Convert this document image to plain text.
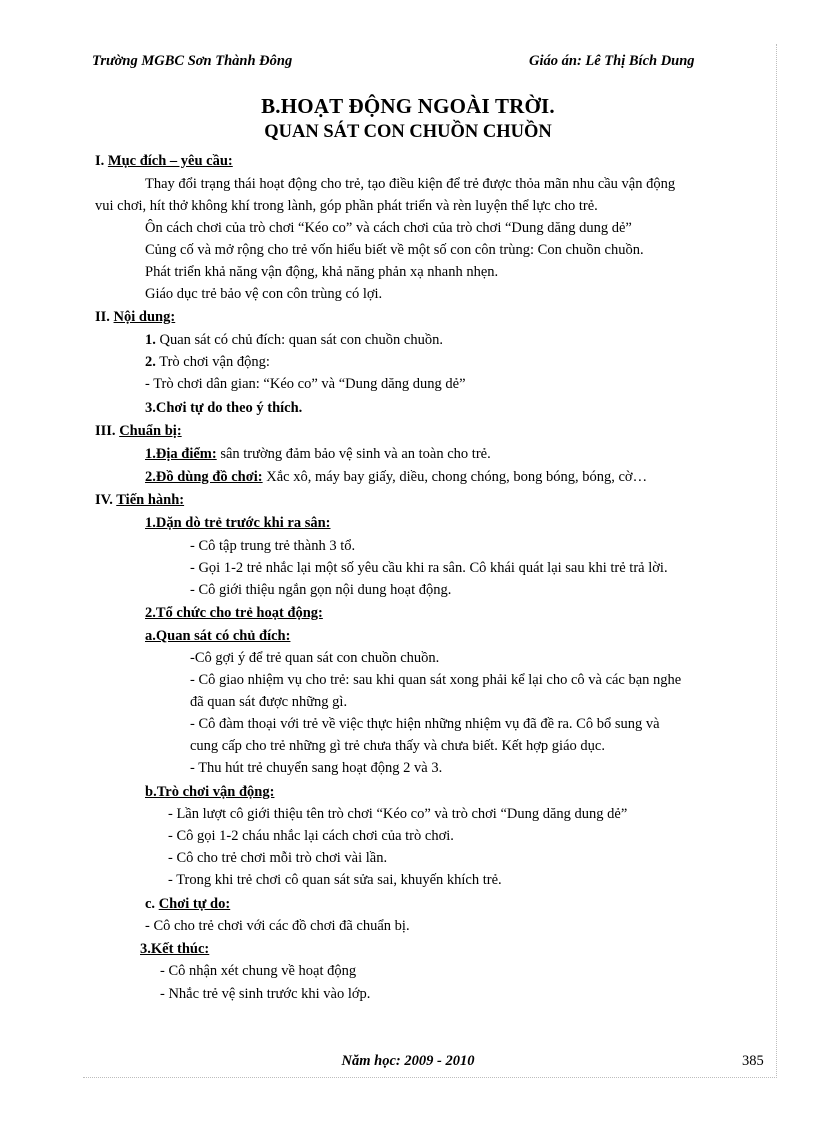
Trường MGBC Sơn Thành Đông	Giáo án: Lê Thị Bích Dung
B.HOẠT ĐỘNG NGOÀI TRỜI.
QUAN SÁT CON CHUỒN CHUỒN
I. Mục đích – yêu cầu:
Thay đổi trạng thái hoạt động cho trẻ, tạo điều kiện để trẻ được thỏa mãn nhu cầu vận động
vui chơi, hít thở không khí trong lành, góp phần phát triển và rèn luyện thể lực cho trẻ.
Ôn cách chơi của trò chơi “Kéo co” và cách chơi của trò chơi “Dung dăng dung dẻ”
Củng cố và mở rộng cho trẻ vốn hiểu biết về một số con côn trùng: Con chuồn chuồn.
Phát triển khả năng vận động, khả năng phản xạ nhanh nhẹn.
Giáo dục trẻ bảo vệ con côn trùng có lợi.
II. Nội dung:
1. Quan sát có chủ đích: quan sát con chuồn chuồn.
2. Trò chơi vận động:
- Trò chơi dân gian: “Kéo co” và “Dung dăng dung dẻ”
3.Chơi tự do theo ý thích.
III. Chuẩn bị:
1.Địa điểm: sân trường đảm bảo vệ sinh và an toàn cho trẻ.
2.Đồ dùng đồ chơi: Xắc xô, máy bay giấy, diều, chong chóng, bong bóng, bóng, cờ…
IV. Tiến hành:
1.Dặn dò trẻ trước khi ra sân:
- Cô tập trung trẻ thành 3 tổ.
- Gọi 1-2 trẻ nhắc lại một số yêu cầu khi ra sân. Cô khái quát lại sau khi trẻ trả lời.
- Cô giới thiệu ngắn gọn nội dung hoạt động.
2.Tổ chức cho trẻ hoạt động:
a.Quan sát có chủ đích:
-Cô gợi ý để trẻ quan sát con chuồn chuồn.
- Cô giao nhiệm vụ cho trẻ: sau khi quan sát xong phải kể lại cho cô và các bạn nghe
đã quan sát được những gì.
- Cô đàm thoại với trẻ về việc thực hiện những nhiệm vụ đã đề ra. Cô bổ sung và
cung cấp cho trẻ những gì trẻ chưa thấy và chưa biết. Kết hợp giáo dục.
- Thu hút trẻ chuyển sang hoạt động 2 và 3.
b.Trò chơi vận động:
- Lần lượt cô giới thiệu tên trò chơi “Kéo co” và trò chơi “Dung dăng dung dẻ”
- Cô gọi 1-2 cháu nhắc lại cách chơi của trò chơi.
- Cô cho trẻ chơi mỗi trò chơi vài lần.
- Trong khi trẻ chơi cô quan sát sửa sai, khuyến khích trẻ.
c. Chơi tự do:
- Cô cho trẻ chơi với các đồ chơi đã chuẩn bị.
3.Kết thúc:
- Cô nhận xét chung về hoạt động
- Nhắc trẻ vệ sinh trước khi vào lớp.
Năm học: 2009 - 2010	385
